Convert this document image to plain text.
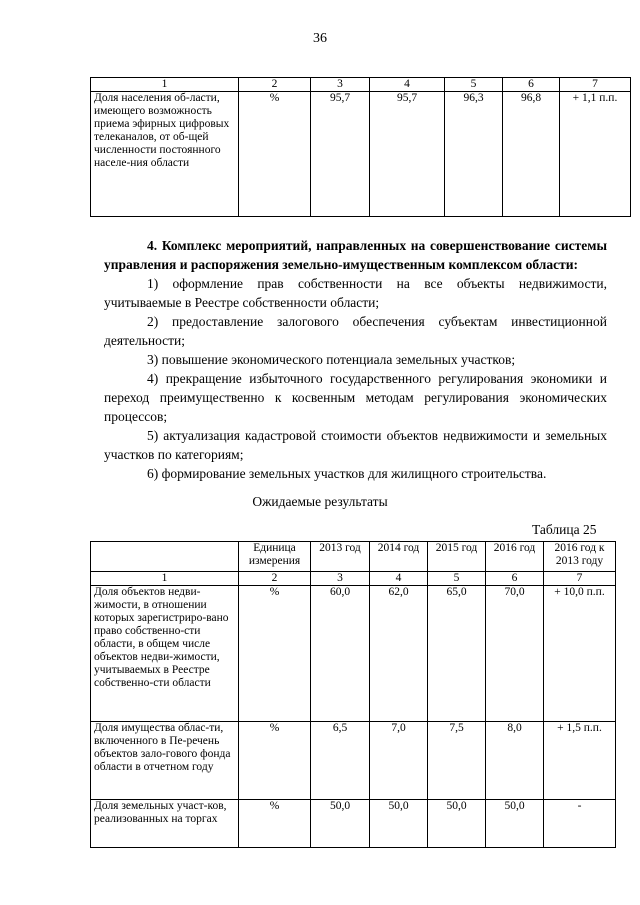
36
1	2	3	4	5	6	7
Доля населения об-ласти, имеющего возможность приема эфирных цифровых телеканалов, от об-щей численности постоянного населе-ния области	%	95,7	95,7	96,3	96,8	+ 1,1 п.п.

4. Комплекс мероприятий, направленных на совершенствование системы управления и распоряжения земельно-имущественным комплексом области:

1) оформление прав собственности на все объекты недвижимости, учитываемые в Реестре собственности области;

2) предоставление залогового обеспечения субъектам инвестиционной деятельности;

3) повышение экономического потенциала земельных участков;

4) прекращение избыточного государственного регулирования экономики и переход преимущественно к косвенным методам регулирования экономических процессов;

5) актуализация кадастровой стоимости объектов недвижимости и земельных участков по категориям;

6) формирование земельных участков для жилищного строительства.

Ожидаемые результаты
Таблица 25
	Единица измерения	2013 год	2014 год	2015 год	2016 год	2016 год к 2013 году
1	2	3	4	5	6	7
Доля объектов недви-жимости, в отношении которых зарегистриро-вано право собственно-сти области, в общем числе объектов недви-жимости, учитываемых в Реестре собственно-сти области	%	60,0	62,0	65,0	70,0	+ 10,0 п.п.
Доля имущества облас-ти, включенного в Пе-речень объектов зало-гового фонда области в отчетном году	%	6,5	7,0	7,5	8,0	+ 1,5 п.п.
Доля земельных участ-ков, реализованных на торгах	%	50,0	50,0	50,0	50,0	-
